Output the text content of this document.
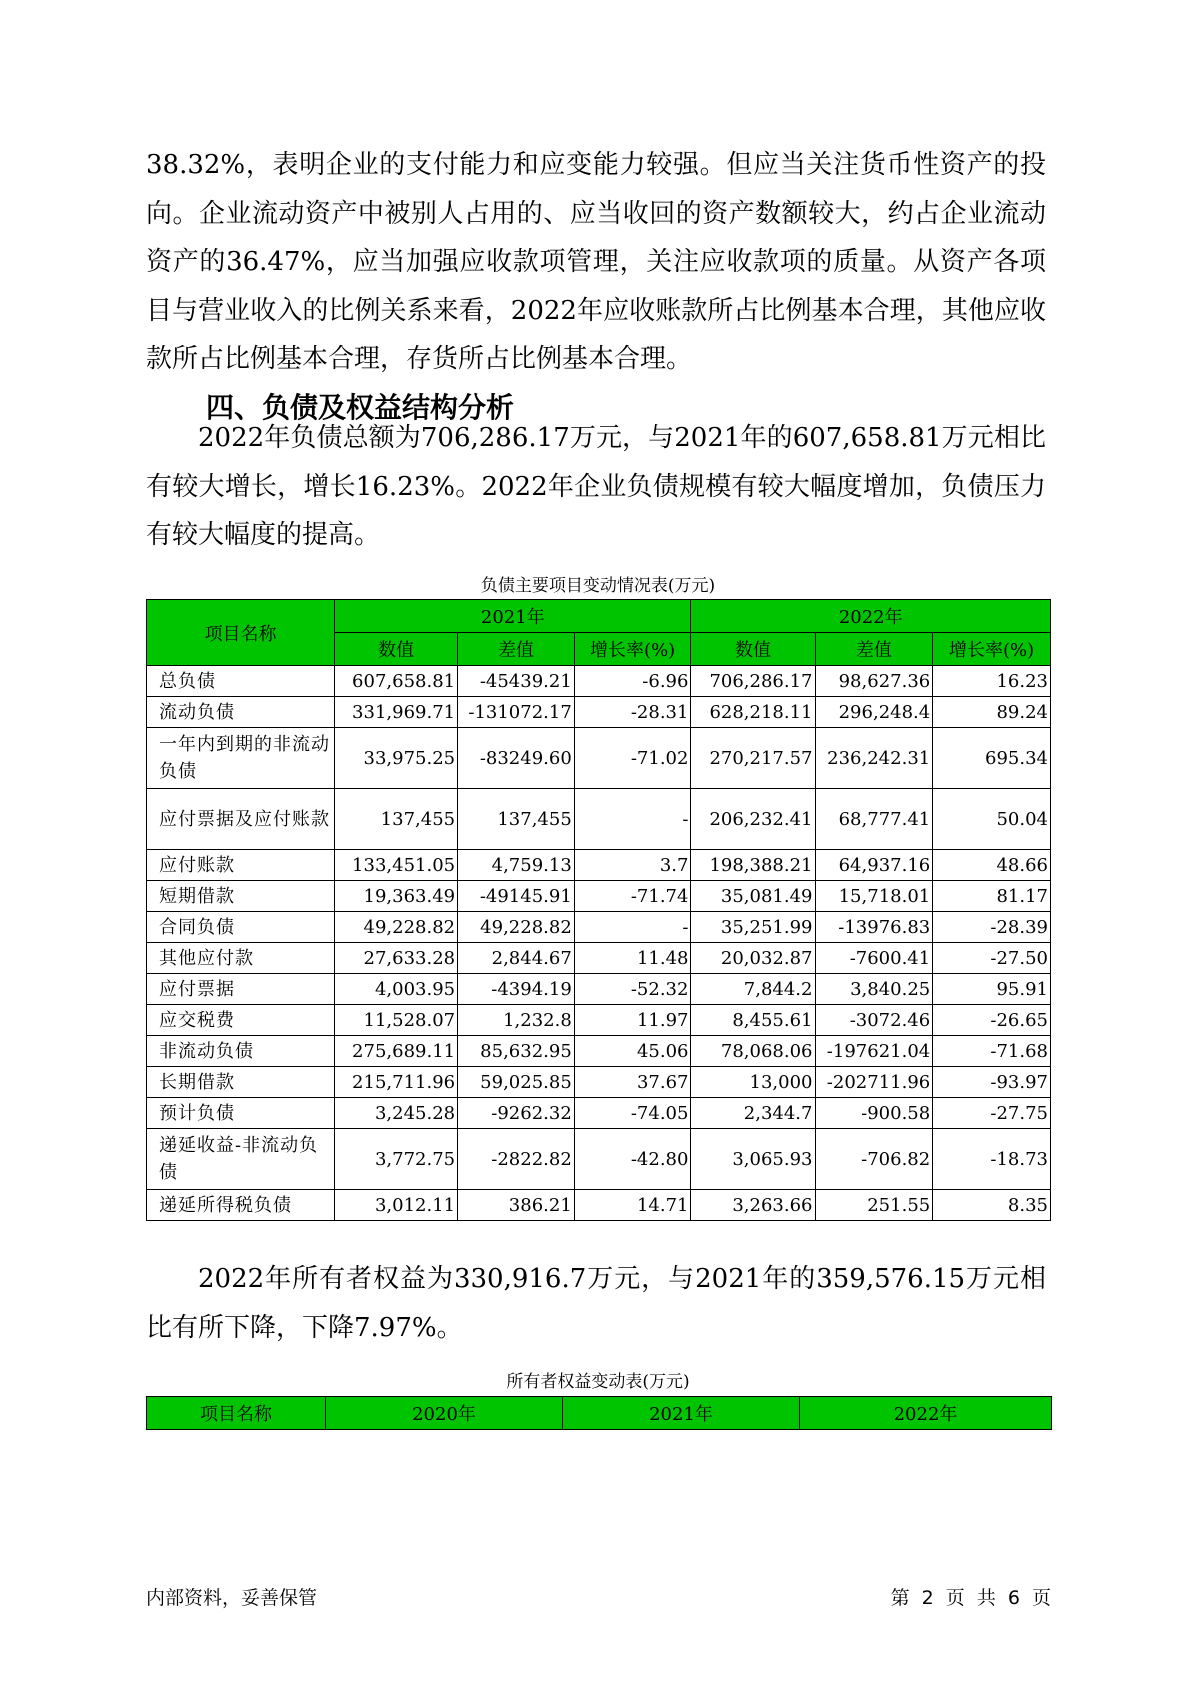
38.32%，表明企业的支付能力和应变能力较强。但应当关注货币性资产的投向。企业流动资产中被别人占用的、应当收回的资产数额较大，约占企业流动资产的36.47%，应当加强应收款项管理，关注应收款项的质量。从资产各项目与营业收入的比例关系来看，2022年应收账款所占比例基本合理，其他应收款所占比例基本合理，存货所占比例基本合理。

四、负债及权益结构分析

2022年负债总额为706,286.17万元，与2021年的607,658.81万元相比有较大增长，增长16.23%。2022年企业负债规模有较大幅度增加，负债压力有较大幅度的提高。

负债主要项目变动情况表(万元)
项目名称	2021年			2022年		
	数值	差值	增长率(%)	数值	差值	增长率(%)
总负债	607,658.81	-45439.21	-6.96	706,286.17	98,627.36	16.23
流动负债	331,969.71	-131072.17	-28.31	628,218.11	296,248.4	89.24
一年内到期的非流动负债	33,975.25	-83249.60	-71.02	270,217.57	236,242.31	695.34
应付票据及应付账款	137,455	137,455	-	206,232.41	68,777.41	50.04
应付账款	133,451.05	4,759.13	3.7	198,388.21	64,937.16	48.66
短期借款	19,363.49	-49145.91	-71.74	35,081.49	15,718.01	81.17
合同负债	49,228.82	49,228.82	-	35,251.99	-13976.83	-28.39
其他应付款	27,633.28	2,844.67	11.48	20,032.87	-7600.41	-27.50
应付票据	4,003.95	-4394.19	-52.32	7,844.2	3,840.25	95.91
应交税费	11,528.07	1,232.8	11.97	8,455.61	-3072.46	-26.65
非流动负债	275,689.11	85,632.95	45.06	78,068.06	-197621.04	-71.68
长期借款	215,711.96	59,025.85	37.67	13,000	-202711.96	-93.97
预计负债	3,245.28	-9262.32	-74.05	2,344.7	-900.58	-27.75
递延收益-非流动负债	3,772.75	-2822.82	-42.80	3,065.93	-706.82	-18.73
递延所得税负债	3,012.11	386.21	14.71	3,263.66	251.55	8.35

2022年所有者权益为330,916.7万元，与2021年的359,576.15万元相比有所下降，下降7.97%。

所有者权益变动表(万元)
项目名称	2020年	2021年	2022年
内部资料，妥善保管	第 2 页 共 6 页
